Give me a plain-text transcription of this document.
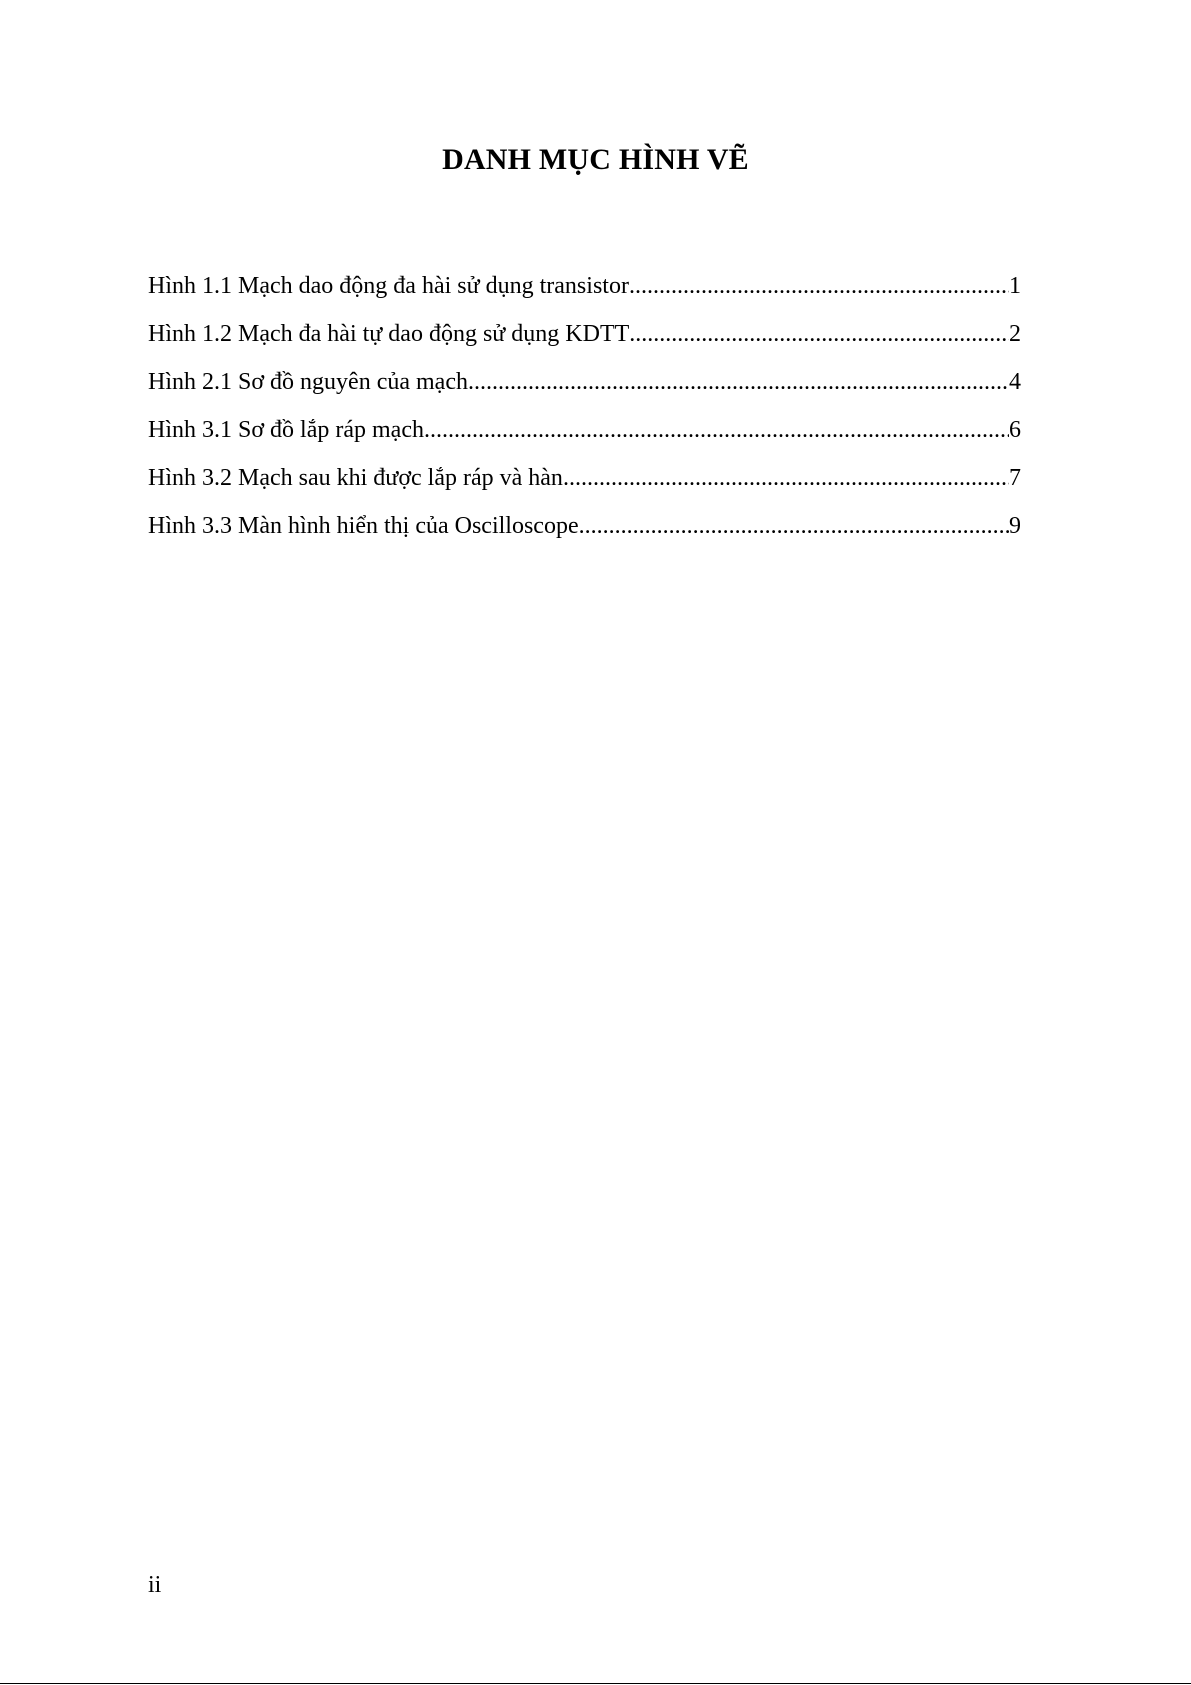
DANH MỤC HÌNH VẼ
Hình 1.1 Mạch dao động đa hài sử dụng transistor .....	1
Hình 1.2 Mạch đa hài tự dao động sử dụng KDTT .....	2
Hình 2.1 Sơ đồ nguyên của mạch .....	4
Hình 3.1 Sơ đồ lắp ráp mạch .....	6
Hình 3.2 Mạch sau khi được lắp ráp và hàn .....	7
Hình 3.3 Màn hình hiển thị của Oscilloscope .....	9
ii
